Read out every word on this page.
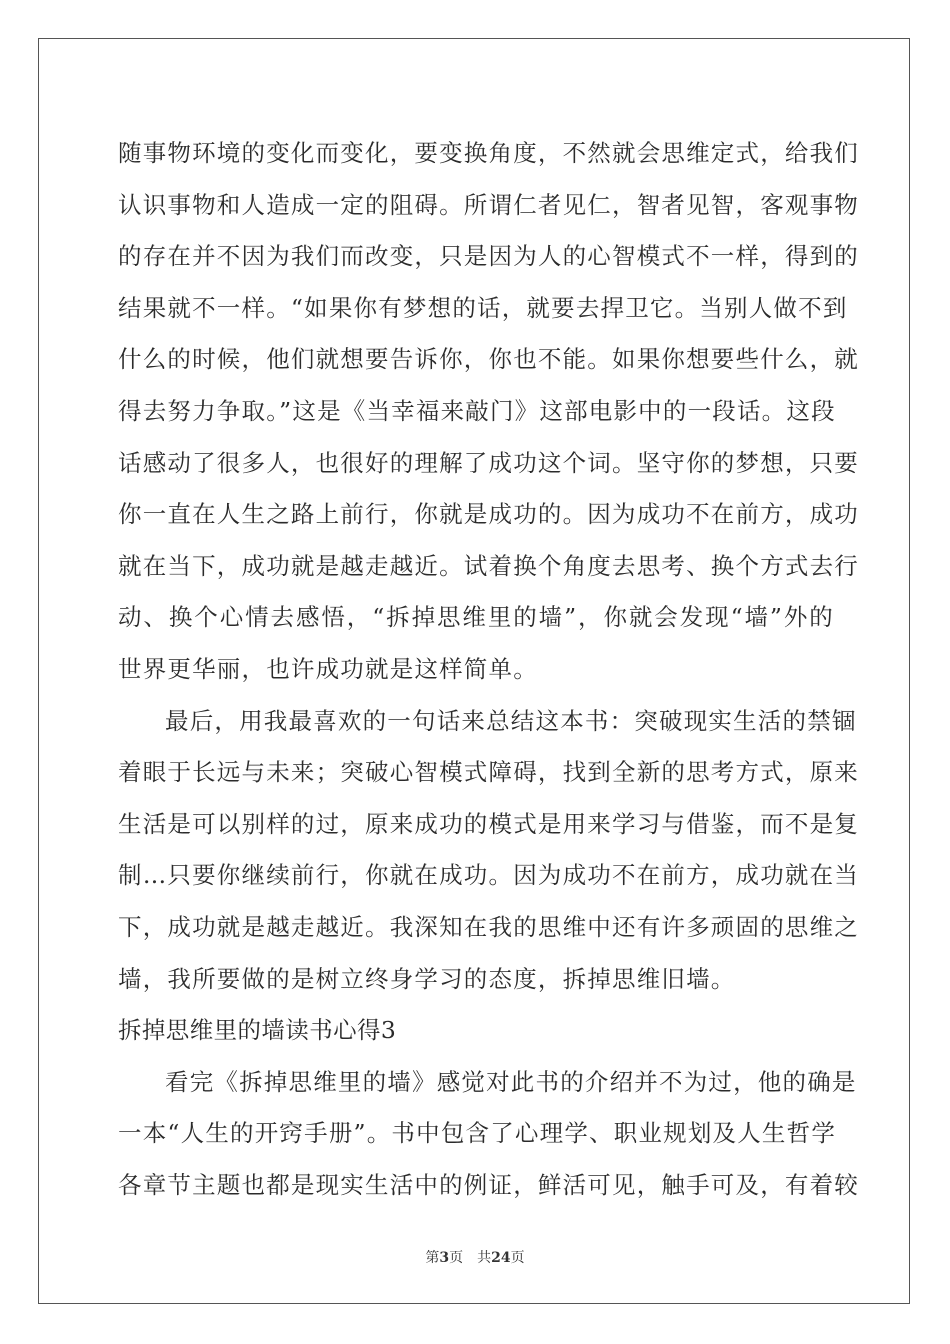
随事物环境的变化而变化，要变换角度，不然就会思维定式，给我们
认识事物和人造成一定的阻碍。所谓仁者见仁，智者见智，客观事物
的存在并不因为我们而改变，只是因为人的心智模式不一样，得到的
结果就不一样。“如果你有梦想的话，就要去捍卫它。当别人做不到
什么的时候，他们就想要告诉你，你也不能。如果你想要些什么，就
得去努力争取。”这是《当幸福来敲门》这部电影中的一段话。这段
话感动了很多人，也很好的理解了成功这个词。坚守你的梦想，只要
你一直在人生之路上前行，你就是成功的。因为成功不在前方，成功
就在当下，成功就是越走越近。试着换个角度去思考、换个方式去行
动、换个心情去感悟，“拆掉思维里的墙”，你就会发现“墙”外的
世界更华丽，也许成功就是这样简单。
最后，用我最喜欢的一句话来总结这本书：突破现实生活的禁锢
着眼于长远与未来；突破心智模式障碍，找到全新的思考方式，原来
生活是可以别样的过，原来成功的模式是用来学习与借鉴，而不是复
制…只要你继续前行，你就在成功。因为成功不在前方，成功就在当
下，成功就是越走越近。我深知在我的思维中还有许多顽固的思维之
墙，我所要做的是树立终身学习的态度，拆掉思维旧墙。
拆掉思维里的墙读书心得3
看完《拆掉思维里的墙》感觉对此书的介绍并不为过，他的确是
一本“人生的开窍手册”。书中包含了心理学、职业规划及人生哲学
各章节主题也都是现实生活中的例证，鲜活可见，触手可及，有着较
第3页 共24页
